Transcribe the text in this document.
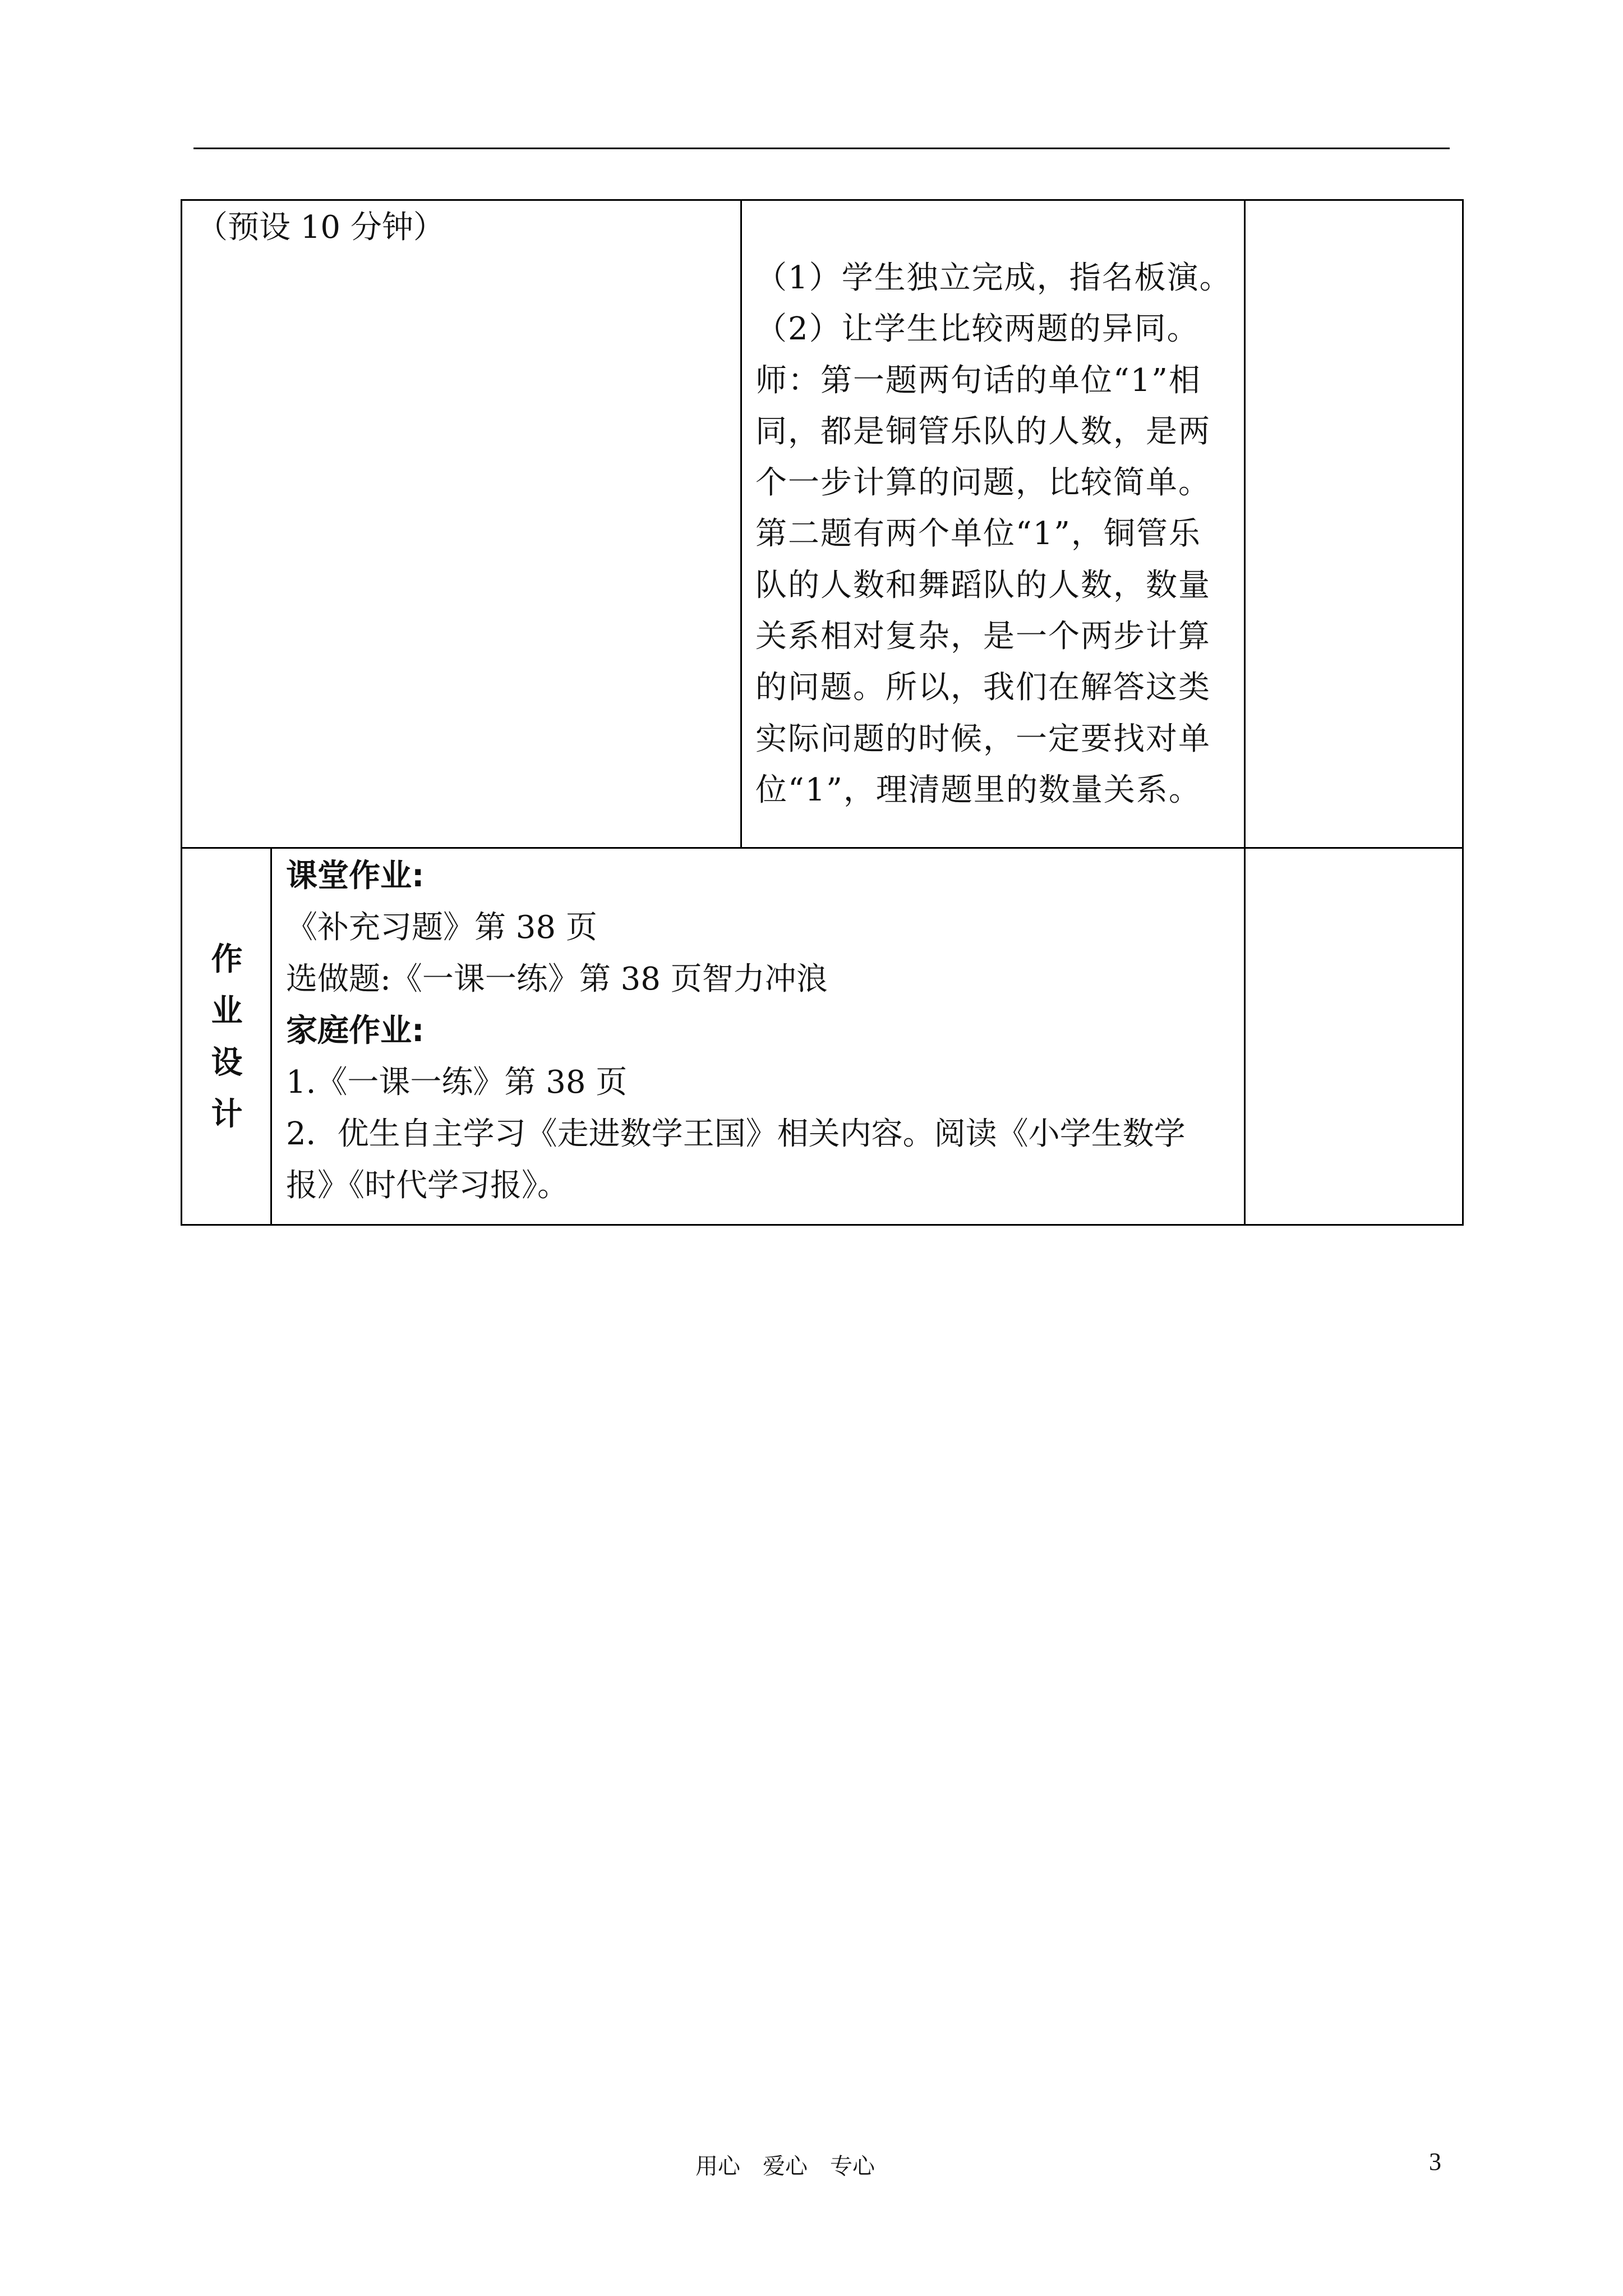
（预设 10 分钟）
（1）学生独立完成，指名板演。
（2）让学生比较两题的异同。
师：第一题两句话的单位“1”相
同，都是铜管乐队的人数，是两
个一步计算的问题，比较简单。
第二题有两个单位“1”，铜管乐
队的人数和舞蹈队的人数，数量
关系相对复杂，是一个两步计算
的问题。所以，我们在解答这类
实际问题的时候，一定要找对单
位“1”，理清题里的数量关系。
作
业
设
计
课堂作业:
《补充习题》第 38 页
选做题:《一课一练》第 38 页智力冲浪
家庭作业:
1.《一课一练》第 38 页
2．优生自主学习《走进数学王国》相关内容。阅读《小学生数学
报》《时代学习报》。
用心　爱心　专心	3
